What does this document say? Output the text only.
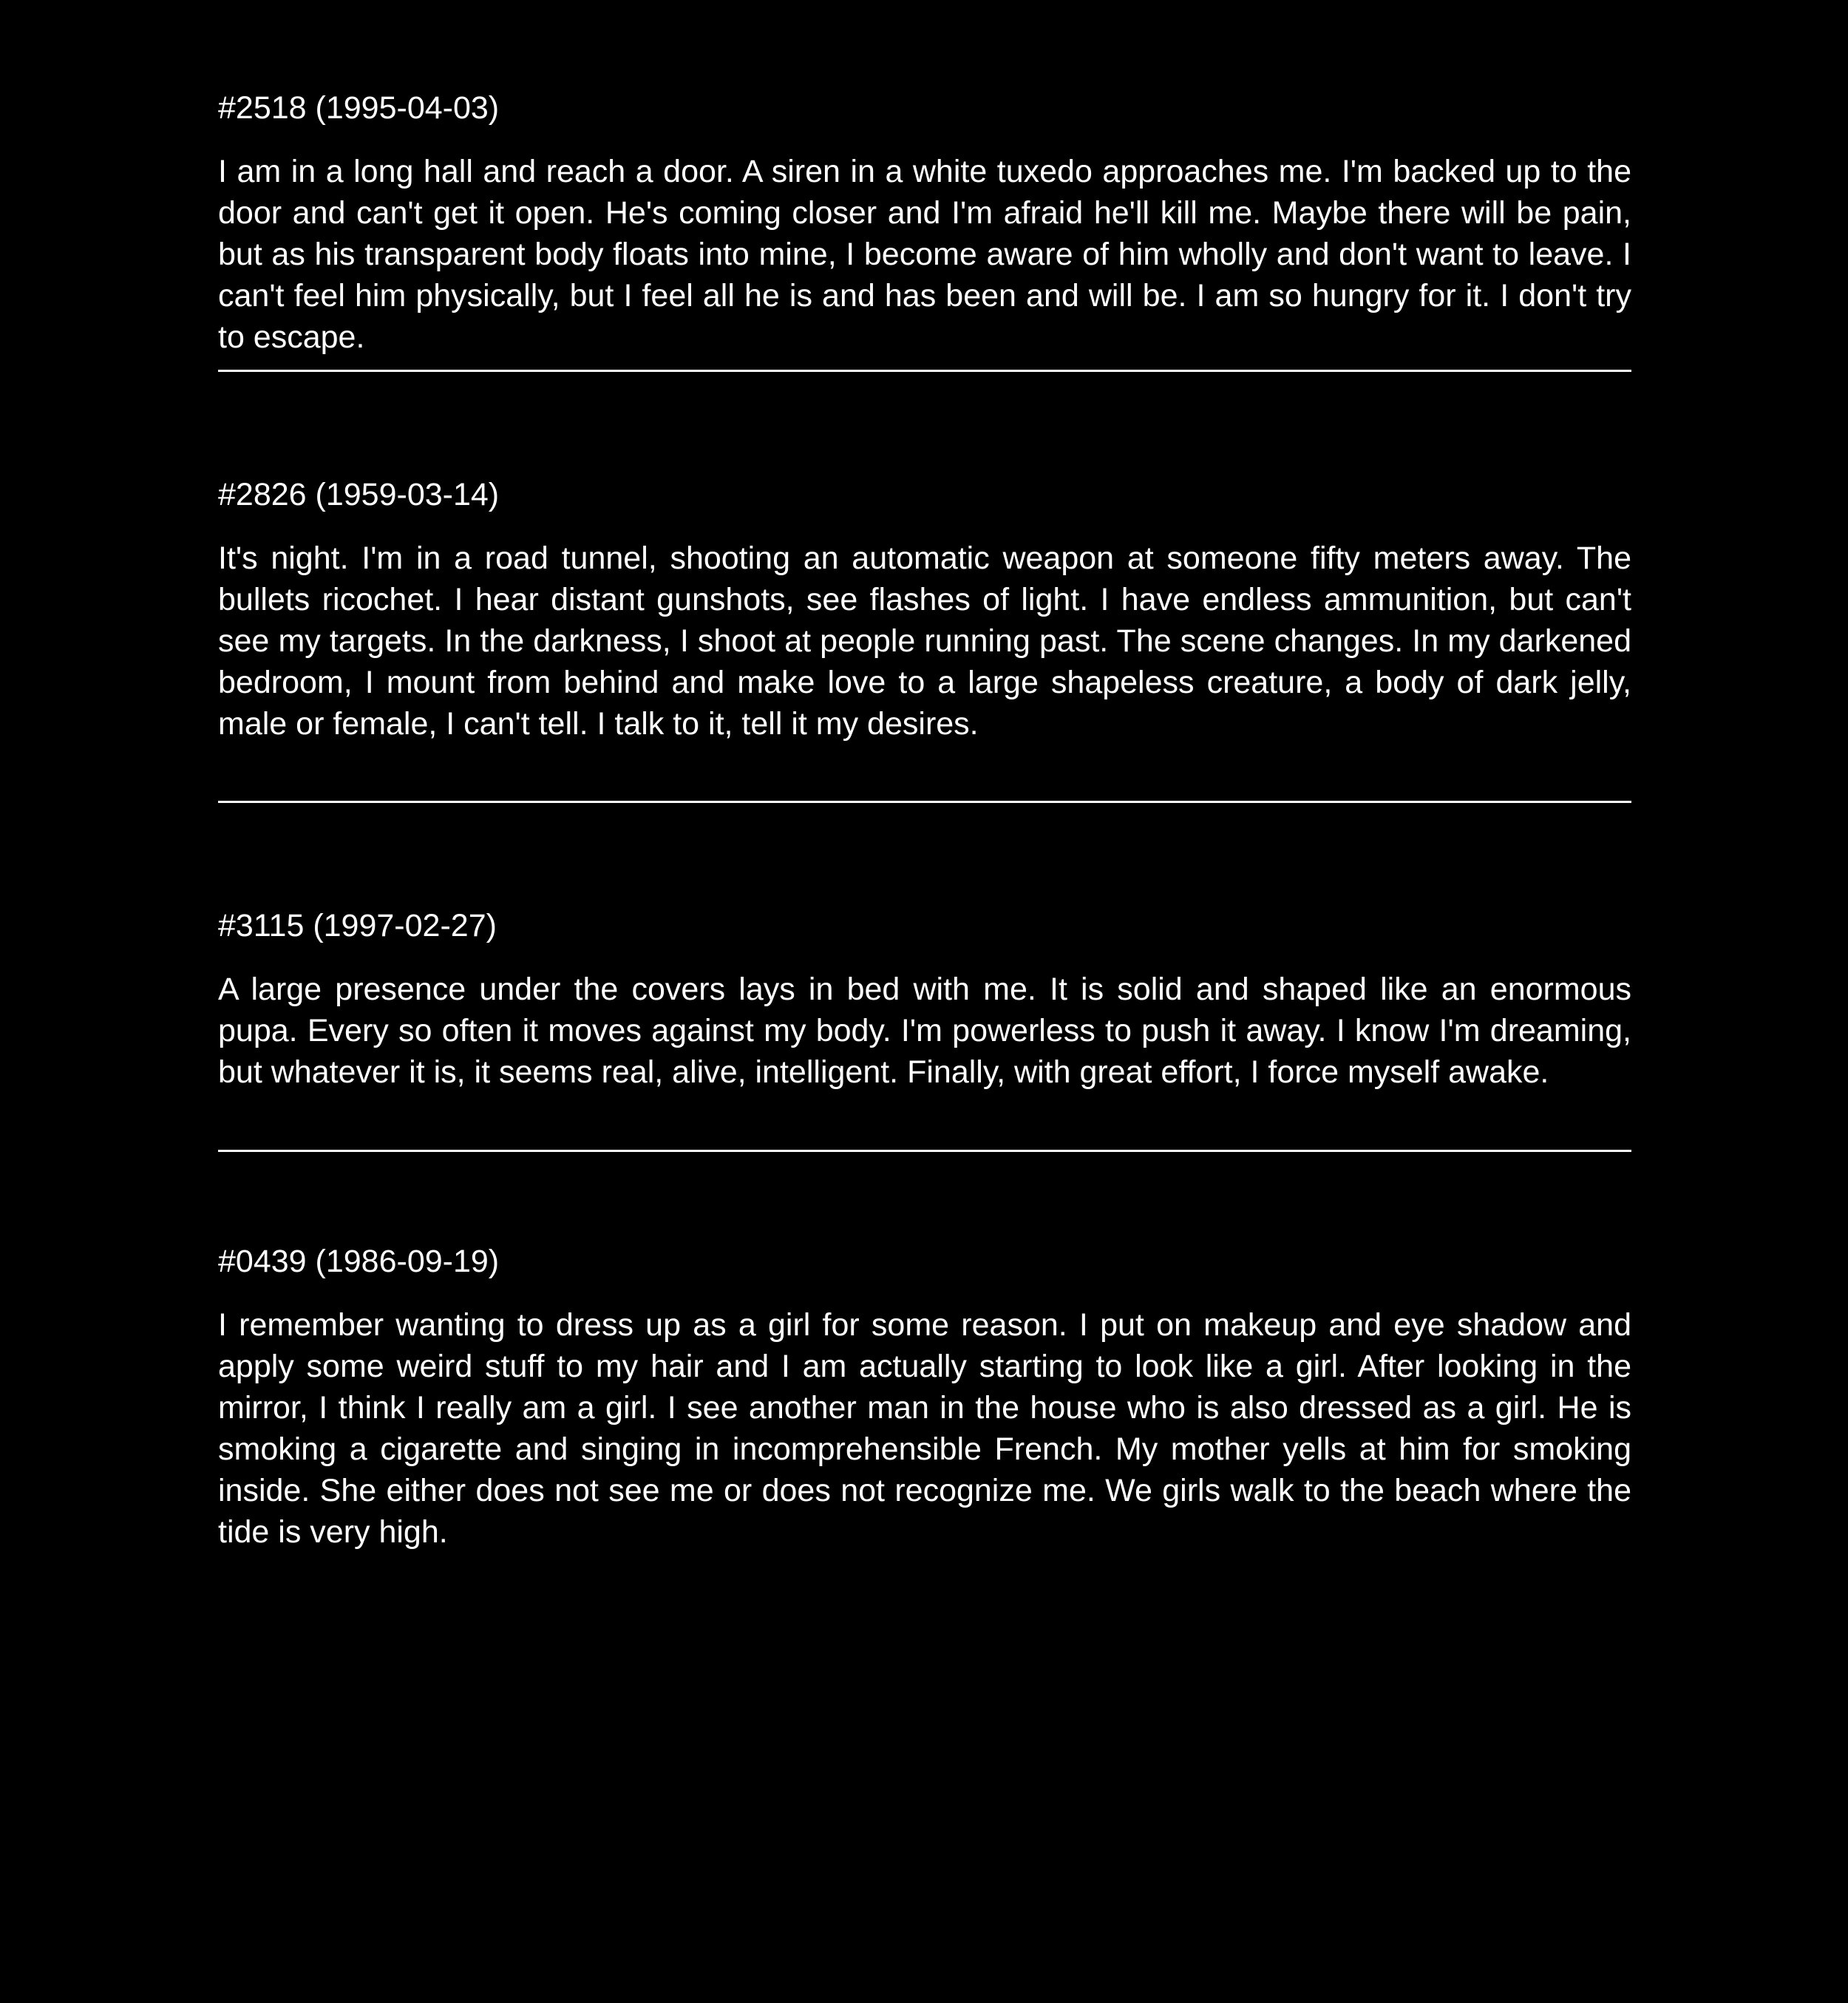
#2518 (1995-04-03)

I am in a long hall and reach a door. A siren in a white tuxedo approaches me. I'm backed up to the door and can't get it open. He's coming closer and I'm afraid he'll kill me. Maybe there will be pain, but as his transparent body floats into mine, I become aware of him wholly and don't want to leave. I can't feel him physically, but I feel all he is and has been and will be. I am so hungry for it. I don't try to escape.

#2826 (1959-03-14)

It's night. I'm in a road tunnel, shooting an automatic weapon at someone fifty meters away. The bullets ricochet. I hear distant gunshots, see flashes of light. I have endless ammunition, but can't see my targets. In the darkness, I shoot at people running past. The scene changes. In my darkened bedroom, I mount from behind and make love to a large shapeless creature, a body of dark jelly, male or female, I can't tell. I talk to it, tell it my desires.

#3115 (1997-02-27)

A large presence under the covers lays in bed with me. It is solid and shaped like an enormous pupa. Every so often it moves against my body. I'm powerless to push it away. I know I'm dreaming, but whatever it is, it seems real, alive, intelligent. Finally, with great effort, I force myself awake.

#0439 (1986-09-19)

I remember wanting to dress up as a girl for some reason. I put on makeup and eye shadow and apply some weird stuff to my hair and I am actually starting to look like a girl. After looking in the mirror, I think I really am a girl. I see another man in the house who is also dressed as a girl. He is smoking a cigarette and singing in incomprehensible French. My mother yells at him for smoking inside. She either does not see me or does not recognize me. We girls walk to the beach where the tide is very high.
